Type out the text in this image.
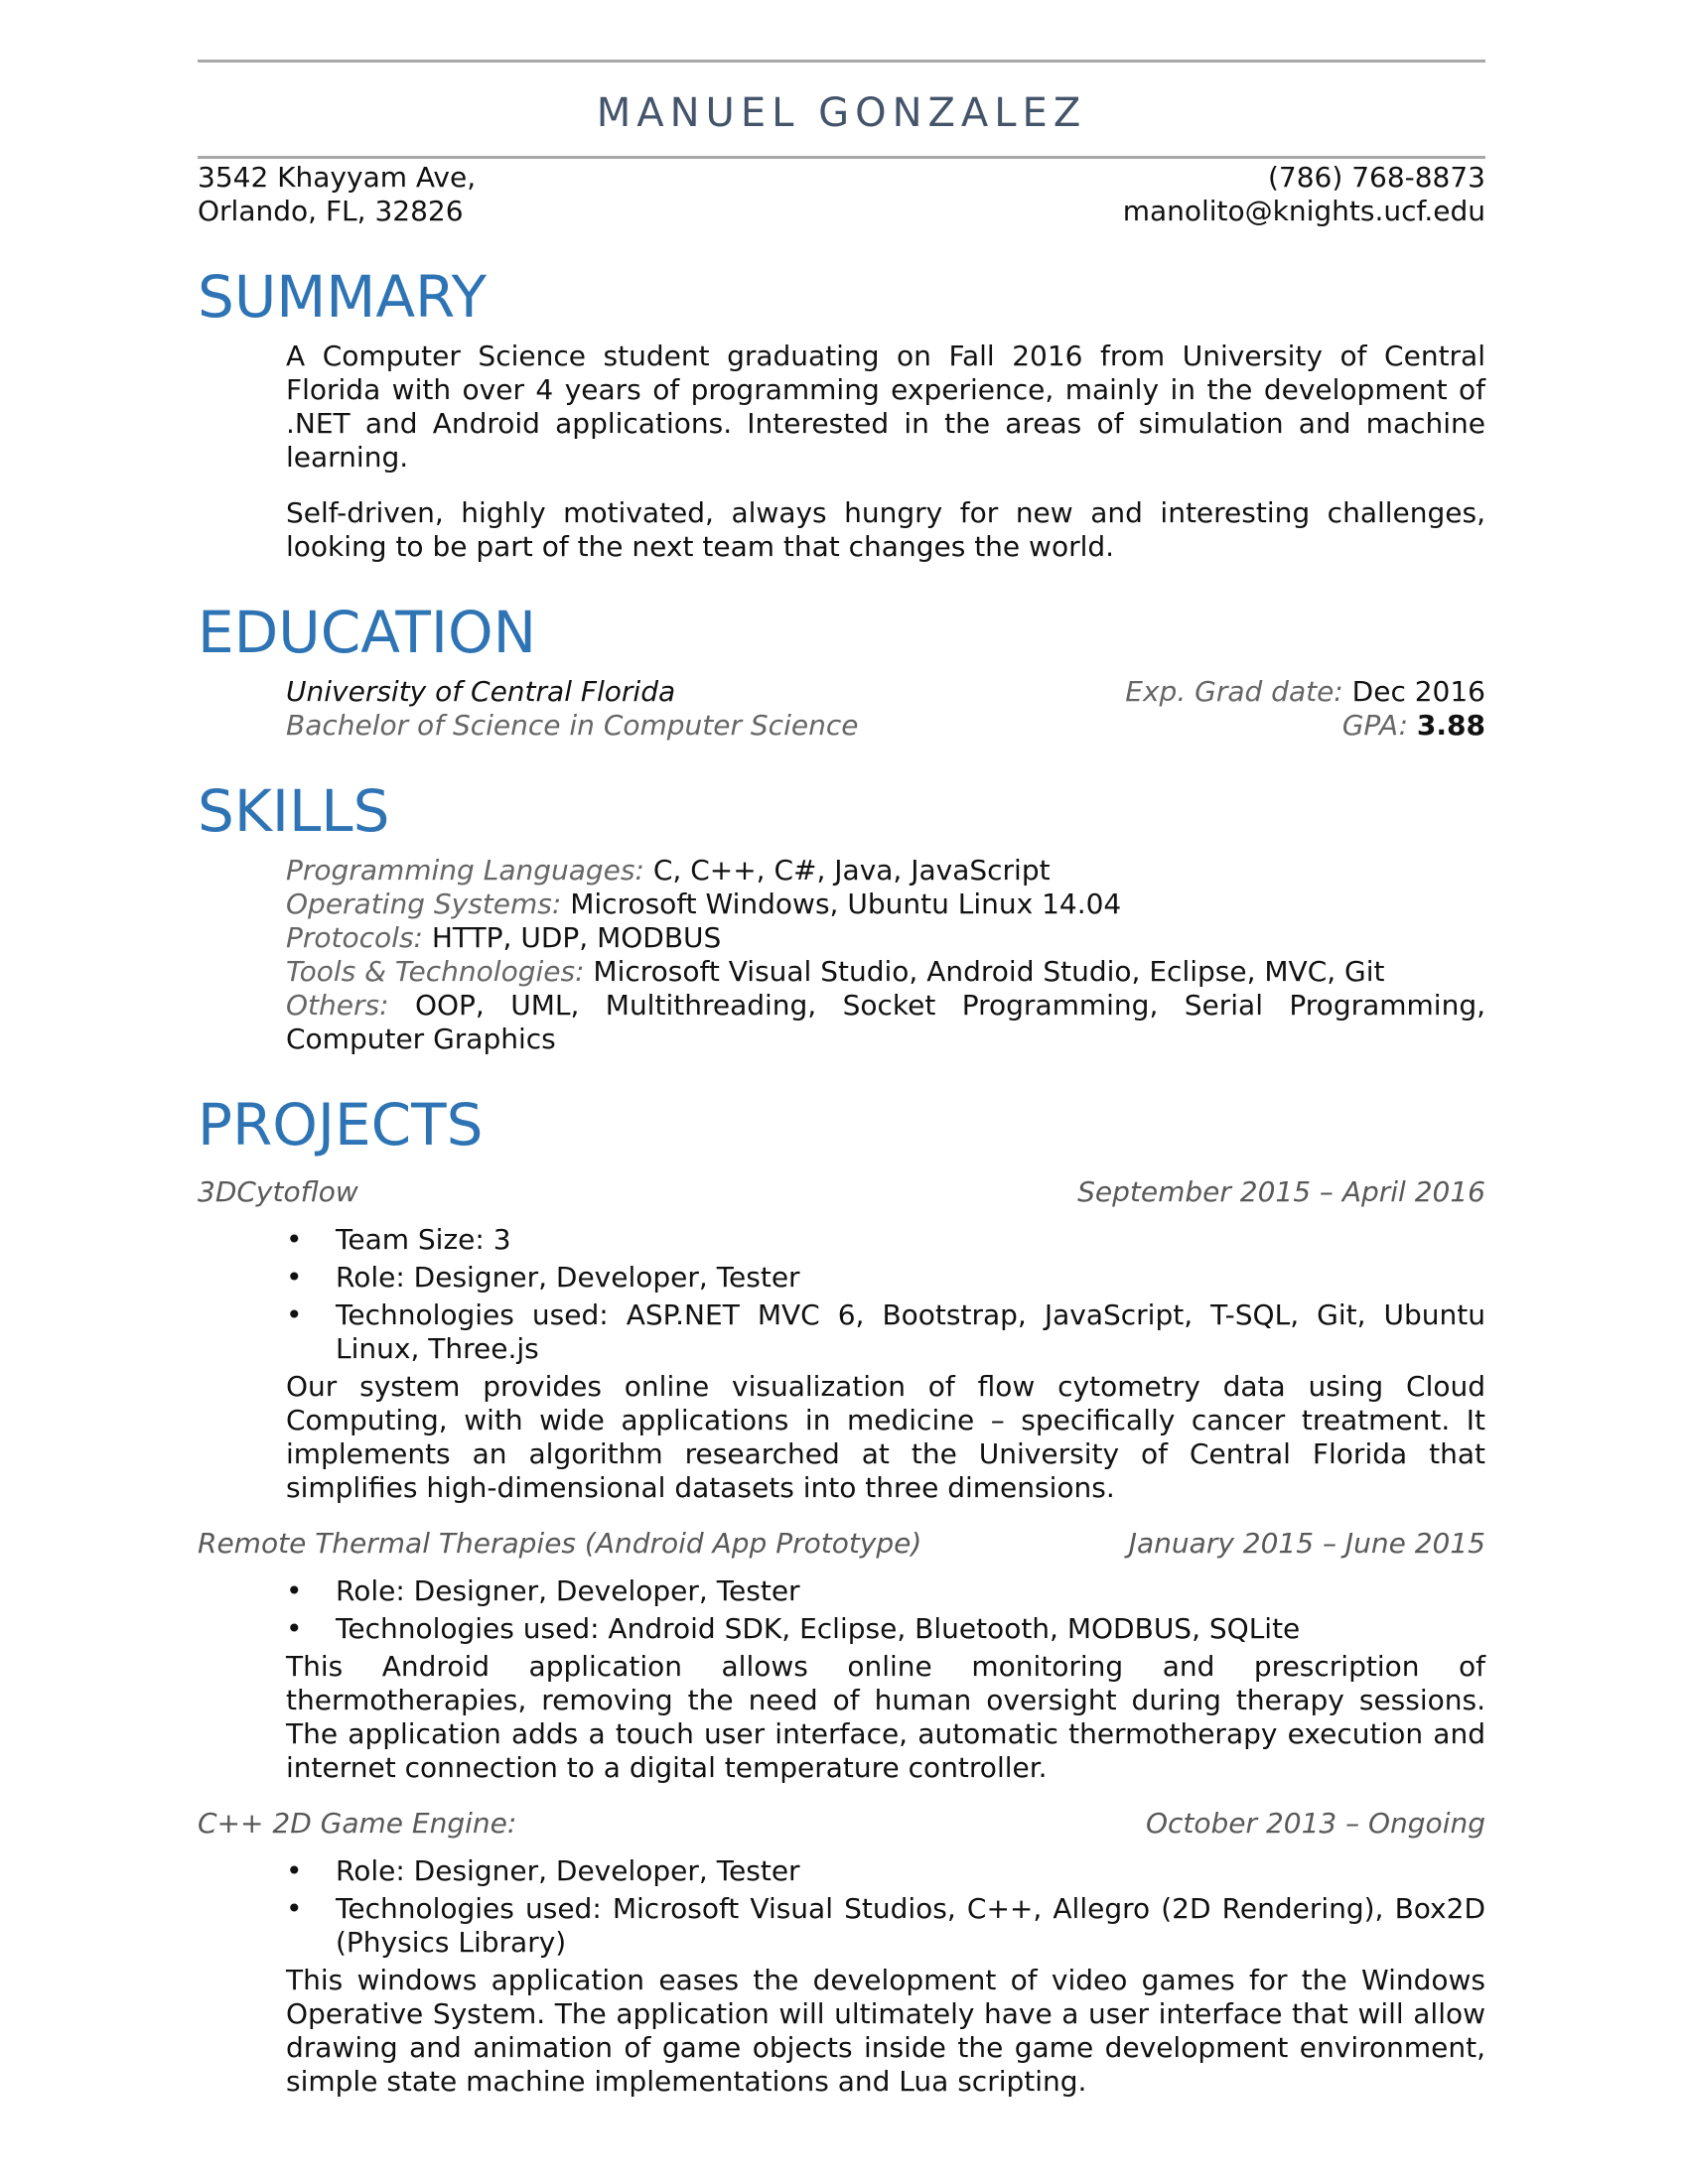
MANUEL GONZALEZ
3542 Khayyam Ave,
Orlando, FL, 32826
(786) 768-8873
manolito@knights.ucf.edu
SUMMARY

A Computer Science student graduating on Fall 2016 from University of Central Florida with over 4 years of programming experience, mainly in the development of .NET and Android applications. Interested in the areas of simulation and machine learning.

Self-driven, highly motivated, always hungry for new and interesting challenges, looking to be part of the next team that changes the world.

EDUCATION
University of Central Florida	Exp. Grad date: Dec 2016
Bachelor of Science in Computer Science	GPA: 3.88
SKILLS
Programming Languages: C, C++, C#, Java, JavaScript
Operating Systems: Microsoft Windows, Ubuntu Linux 14.04
Protocols: HTTP, UDP, MODBUS
Tools & Technologies: Microsoft Visual Studio, Android Studio, Eclipse, MVC, Git
Others: OOP, UML, Multithreading, Socket Programming, Serial Programming, Computer Graphics
PROJECTS
3DCytoflow	September 2015 – April 2016
• Team Size: 3
• Role: Designer, Developer, Tester
• Technologies used: ASP.NET MVC 6, Bootstrap, JavaScript, T-SQL, Git, Ubuntu Linux, Three.js

Our system provides online visualization of flow cytometry data using Cloud Computing, with wide applications in medicine – specifically cancer treatment. It implements an algorithm researched at the University of Central Florida that simplifies high-dimensional datasets into three dimensions.

Remote Thermal Therapies (Android App Prototype)	January 2015 – June 2015
• Role: Designer, Developer, Tester
• Technologies used: Android SDK, Eclipse, Bluetooth, MODBUS, SQLite

This Android application allows online monitoring and prescription of thermotherapies, removing the need of human oversight during therapy sessions. The application adds a touch user interface, automatic thermotherapy execution and internet connection to a digital temperature controller.

C++ 2D Game Engine:	October 2013 – Ongoing
• Role: Designer, Developer, Tester
• Technologies used: Microsoft Visual Studios, C++, Allegro (2D Rendering), Box2D (Physics Library)

This windows application eases the development of video games for the Windows Operative System. The application will ultimately have a user interface that will allow drawing and animation of game objects inside the game development environment, simple state machine implementations and Lua scripting.
